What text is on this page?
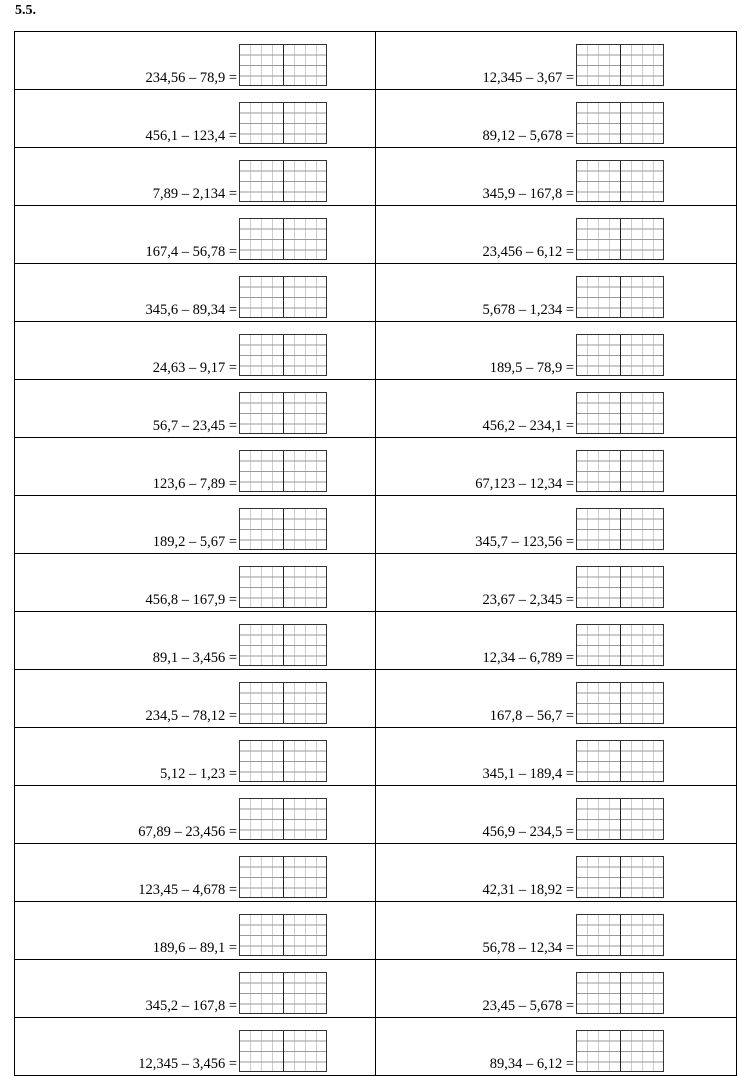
5.5.
234,56 – 78,9 =	12,345 – 3,67 =

456,1 – 123,4 =	89,12 – 5,678 =

7,89 – 2,134 =	345,9 – 167,8 =

167,4 – 56,78 =	23,456 – 6,12 =

345,6 – 89,34 =	5,678 – 1,234 =

24,63 – 9,17 =	189,5 – 78,9 =

56,7 – 23,45 =	456,2 – 234,1 =

123,6 – 7,89 =	67,123 – 12,34 =

189,2 – 5,67 =	345,7 – 123,56 =

456,8 – 167,9 =	23,67 – 2,345 =

89,1 – 3,456 =	12,34 – 6,789 =

234,5 – 78,12 =	167,8 – 56,7 =

5,12 – 1,23 =	345,1 – 189,4 =

67,89 – 23,456 =	456,9 – 234,5 =

123,45 – 4,678 =	42,31 – 18,92 =

189,6 – 89,1 =	56,78 – 12,34 =

345,2 – 167,8 =	23,45 – 5,678 =

12,345 – 3,456 =	89,34 – 6,12 =
